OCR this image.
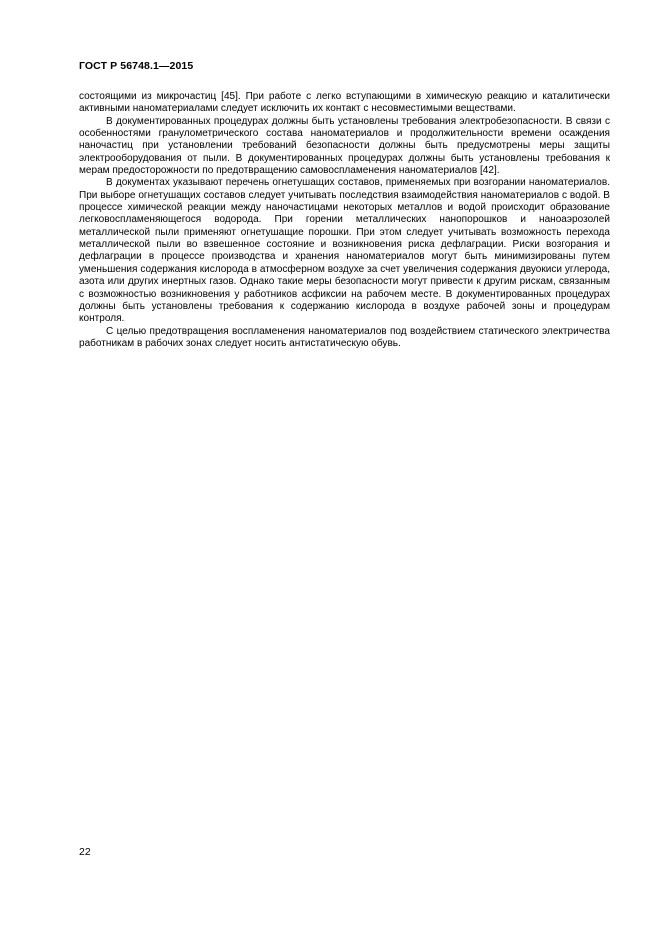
ГОСТ Р 56748.1—2015

состоящими из микрочастиц [45]. При работе с легко вступающими в химическую реакцию и каталитически активными наноматериалами следует исключить их контакт с несовместимыми веществами.

В документированных процедурах должны быть установлены требования электробезопасности. В связи с особенностями гранулометрического состава наноматериалов и продолжительности времени осаждения наночастиц при установлении требований безопасности должны быть предусмотрены меры защиты электрооборудования от пыли. В документированных процедурах должны быть установлены требования к мерам предосторожности по предотвращению самовоспламенения наноматериалов [42].

В документах указывают перечень огнетушащих составов, применяемых при возгорании наноматериалов. При выборе огнетушащих составов следует учитывать последствия взаимодействия наноматериалов с водой. В процессе химической реакции между наночастицами некоторых металлов и водой происходит образование легковоспламеняющегося водорода. При горении металлических нанопорошков и наноаэрозолей металлической пыли применяют огнетушащие порошки. При этом следует учитывать возможность перехода металлической пыли во взвешенное состояние и возникновения риска дефлаграции. Риски возгорания и дефлаграции в процессе производства и хранения наноматериалов могут быть минимизированы путем уменьшения содержания кислорода в атмосферном воздухе за счет увеличения содержания двуокиси углерода, азота или других инертных газов. Однако такие меры безопасности могут привести к другим рискам, связанным с возможностью возникновения у работников асфиксии на рабочем месте. В документированных процедурах должны быть установлены требования к содержанию кислорода в воздухе рабочей зоны и процедурам контроля.

С целью предотвращения воспламенения наноматериалов под воздействием статического электричества работникам в рабочих зонах следует носить антистатическую обувь.

22
